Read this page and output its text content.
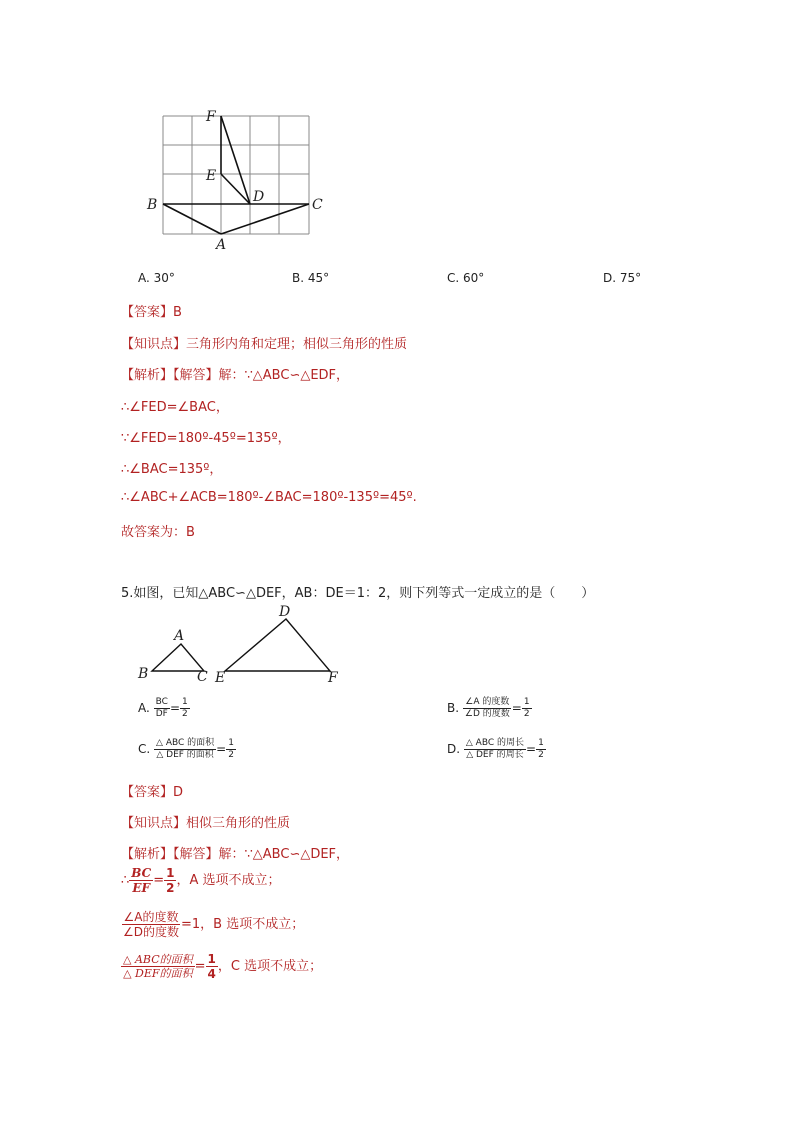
F
E
D
B	C
A
A. 30°	B. 45°	C. 60°	D. 75°
【答案】B
【知识点】三角形内角和定理；相似三角形的性质
【解析】【解答】解：∵△ABC∽△EDF，
∴∠FED=∠BAC，
∵∠FED=180º-45º=135º，
∴∠BAC=135º，
∴∠ABC+∠ACB=180º-∠BAC=180º-135º=45º.
故答案为：B
5.如图，已知△ABC∽△DEF，AB：DE＝1：2，则下列等式一定成立的是（　　）
A
B	C
D
E	F
A. $\frac{BC}{DF} = \frac{1}{2}$	B. $\frac{\text{∠A 的度数}}{\text{∠D 的度数}} = \frac{1}{2}$
C. $\frac{\text{△ ABC 的面积}}{\text{△ DEF 的面积}} = \frac{1}{2}$	D. $\frac{\text{△ ABC 的周长}}{\text{△ DEF 的周长}} = \frac{1}{2}$
【答案】D
【知识点】相似三角形的性质
【解析】【解答】解：∵△ABC∽△DEF，
∴ $\frac{BC}{EF} = \frac{1}{2}$ ，A 选项不成立；
$\frac{\text{∠A的度数}}{\text{∠D的度数}} =1$，B 选项不成立；
$\frac{\text{△ ABC的面积}}{\text{△ DEF的面积}} = \frac{1}{4}$ ，C 选项不成立；
